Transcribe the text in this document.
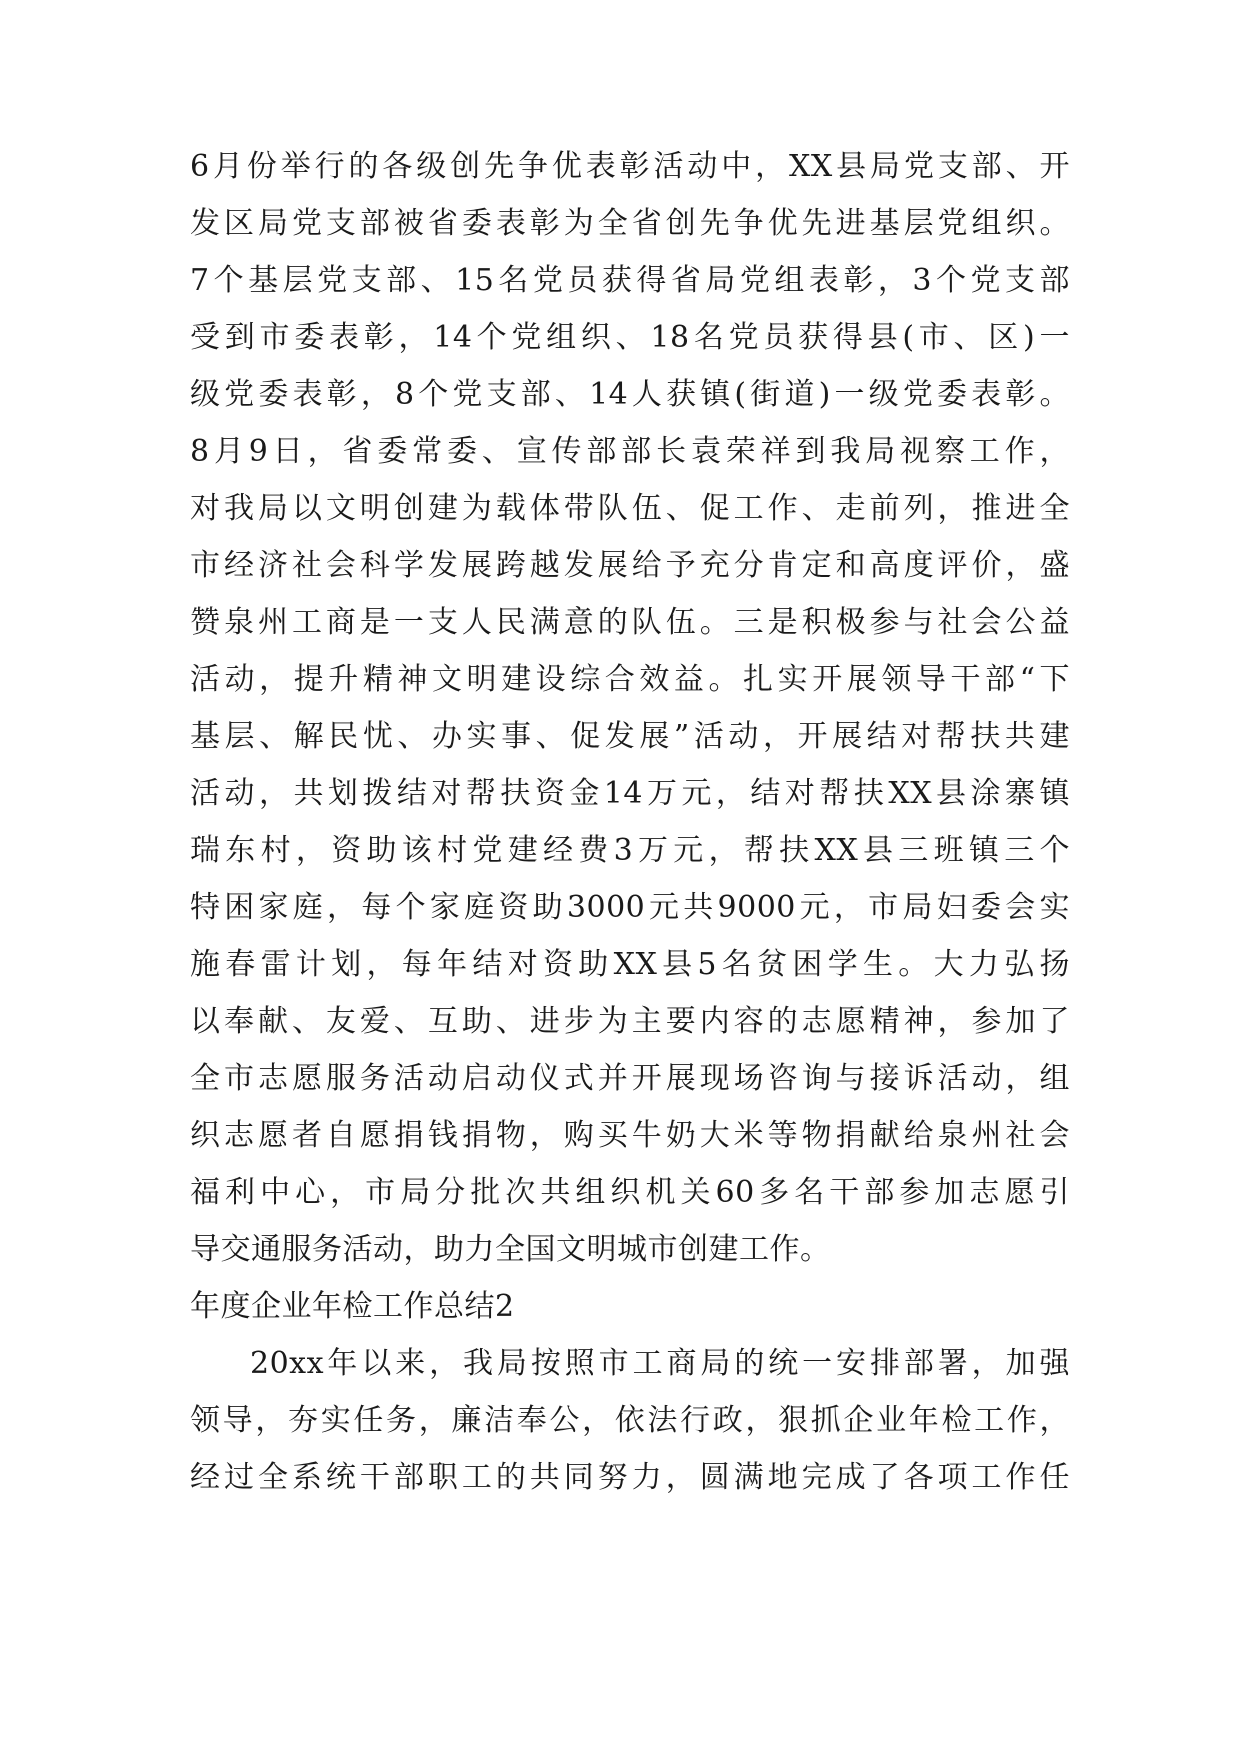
6月份举行的各级创先争优表彰活动中，XX县局党支部、开
发区局党支部被省委表彰为全省创先争优先进基层党组织。
7个基层党支部、15名党员获得省局党组表彰，3个党支部
受到市委表彰，14个党组织、18名党员获得县(市、区)一
级党委表彰，8个党支部、14人获镇(街道)一级党委表彰。
8月9日，省委常委、宣传部部长袁荣祥到我局视察工作，
对我局以文明创建为载体带队伍、促工作、走前列，推进全
市经济社会科学发展跨越发展给予充分肯定和高度评价，盛
赞泉州工商是一支人民满意的队伍。三是积极参与社会公益
活动，提升精神文明建设综合效益。扎实开展领导干部“下
基层、解民忧、办实事、促发展”活动，开展结对帮扶共建
活动，共划拨结对帮扶资金14万元，结对帮扶XX县涂寨镇
瑞东村，资助该村党建经费3万元，帮扶XX县三班镇三个
特困家庭，每个家庭资助3000元共9000元，市局妇委会实
施春雷计划，每年结对资助XX县5名贫困学生。大力弘扬
以奉献、友爱、互助、进步为主要内容的志愿精神，参加了
全市志愿服务活动启动仪式并开展现场咨询与接诉活动，组
织志愿者自愿捐钱捐物，购买牛奶大米等物捐献给泉州社会
福利中心，市局分批次共组织机关60多名干部参加志愿引
导交通服务活动，助力全国文明城市创建工作。
年度企业年检工作总结2
20xx年以来，我局按照市工商局的统一安排部署，加强
领导，夯实任务，廉洁奉公，依法行政，狠抓企业年检工作，
经过全系统干部职工的共同努力，圆满地完成了各项工作任
